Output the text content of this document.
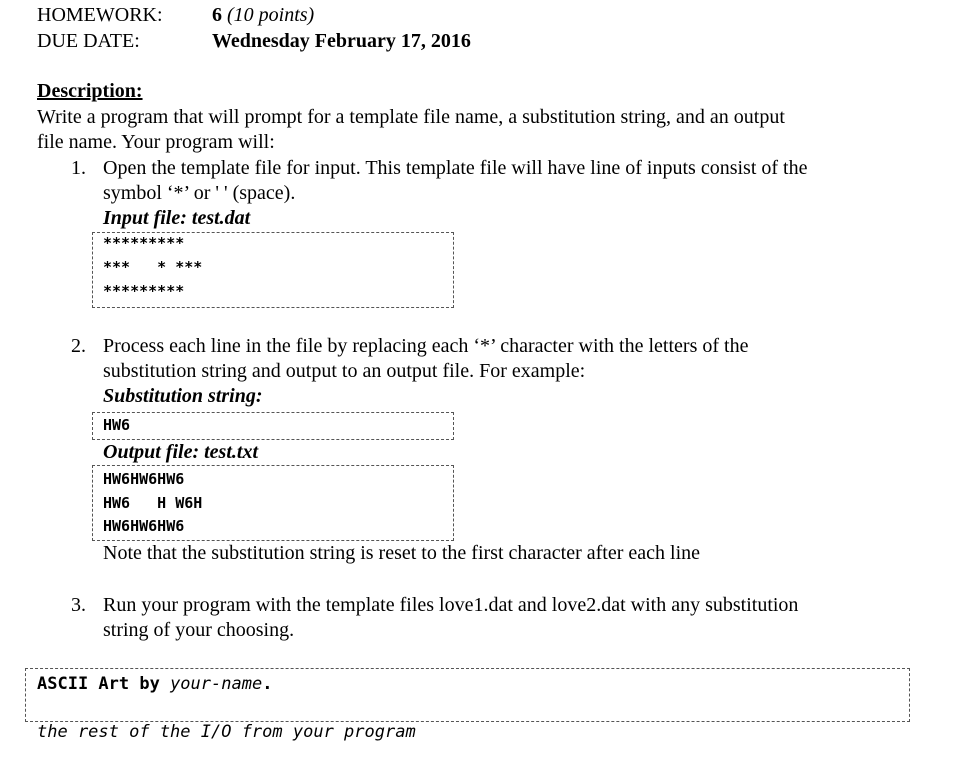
HOMEWORK: 6 (10 points)
DUE DATE:	Wednesday February 17, 2016
Description:
Write a program that will prompt for a template file name, a substitution string, and an output
file name. Your program will:
1. Open the template file for input. This template file will have line of inputs consist of the
symbol ‘*’ or ' ' (space).
Input file: test.dat
*********
***   * ***
*********
2. Process each line in the file by replacing each ‘*’ character with the letters of the
substitution string and output to an output file. For example:
Substitution string:
HW6
Output file: test.txt
HW6HW6HW6
HW6   H W6H
HW6HW6HW6
Note that the substitution string is reset to the first character after each line
3. Run your program with the template files love1.dat and love2.dat with any substitution
string of your choosing.
ASCII Art by your-name.
the rest of the I/O from your program
